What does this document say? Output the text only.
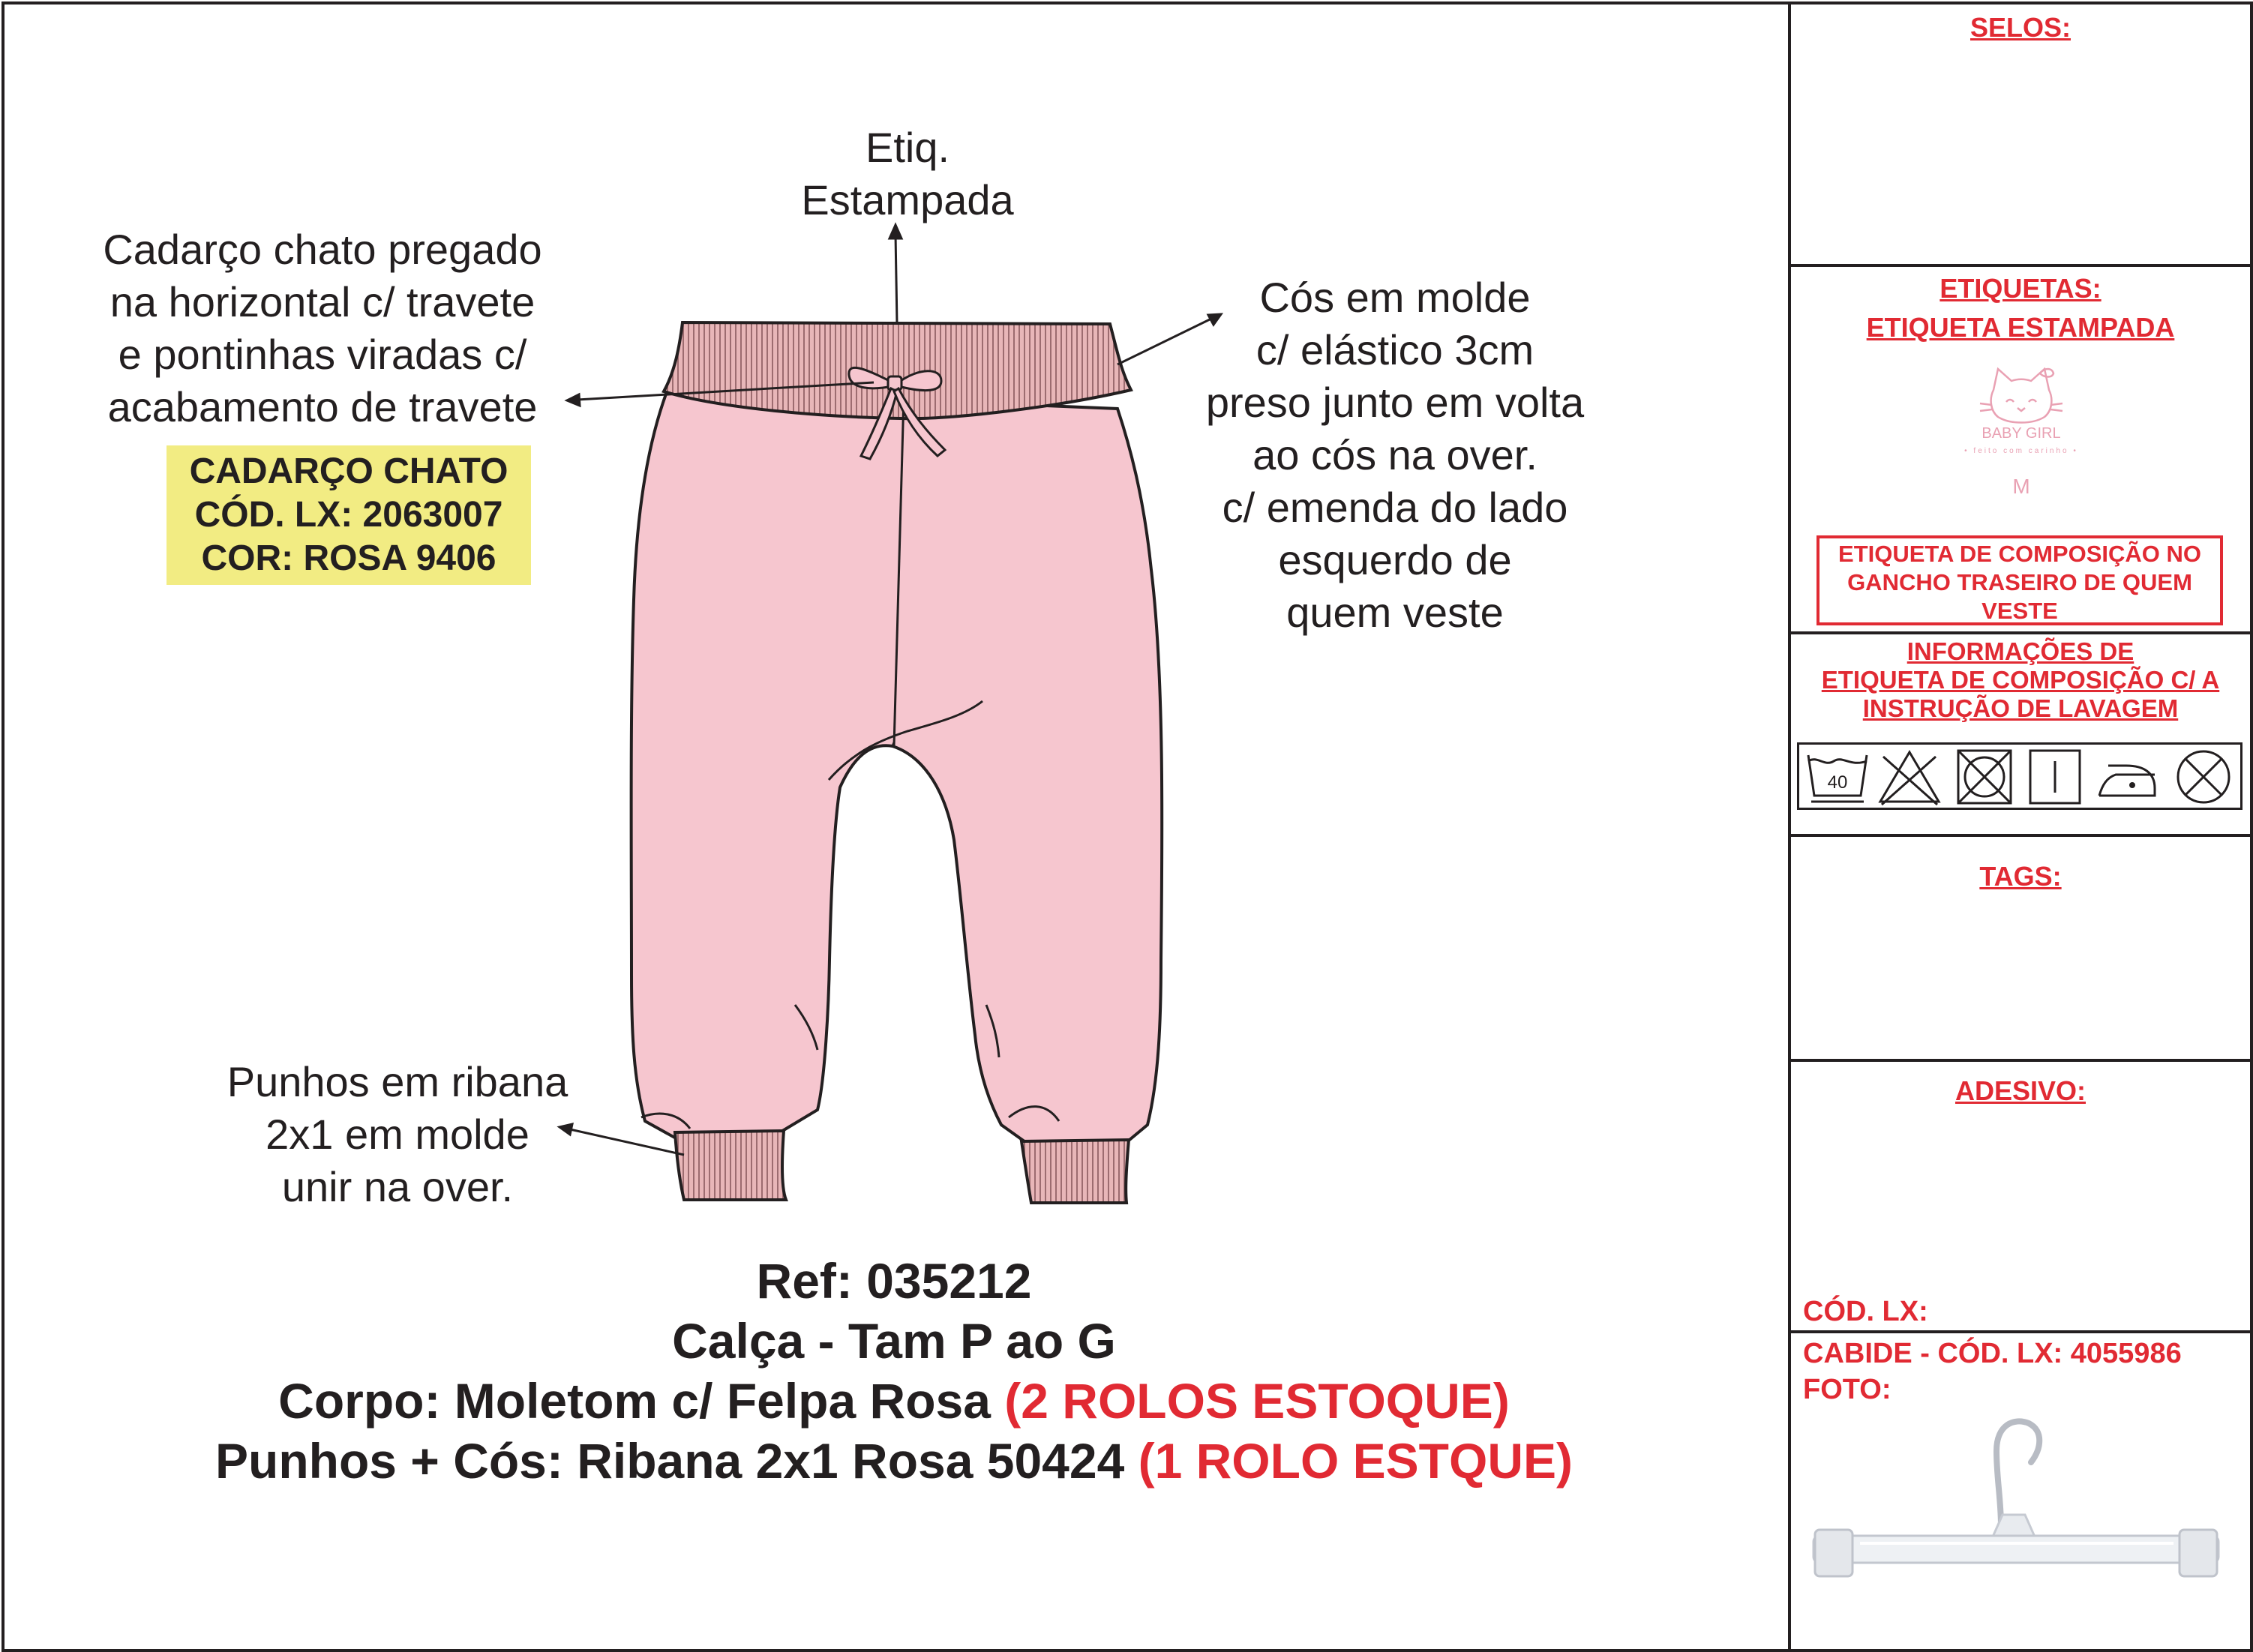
Etiq.
Estampada
Cadarço chato pregado
na horizontal c/ travete
e pontinhas viradas c/
acabamento de travete
CADARÇO CHATO
CÓD. LX: 2063007
COR: ROSA 9406
Cós em molde
c/ elástico 3cm
preso junto em volta
ao cós na over.
c/ emenda do lado
esquerdo de
quem veste
Punhos em ribana
2x1 em molde
unir na over.
Ref: 035212
Calça - Tam P ao G
Corpo: Moletom c/ Felpa Rosa (2 ROLOS ESTOQUE)
Punhos + Cós: Ribana 2x1 Rosa 50424 (1 ROLO ESTQUE)
SELOS:
ETIQUETAS:
ETIQUETA ESTAMPADA
BABY GIRL
• feito com carinho •
M
ETIQUETA DE COMPOSIÇÃO NO GANCHO TRASEIRO DE QUEM VESTE
INFORMAÇÕES DE
ETIQUETA DE COMPOSIÇÃO C/ A
INSTRUÇÃO DE LAVAGEM
40
TAGS:
ADESIVO:
CÓD. LX:
CABIDE - CÓD. LX: 4055986
FOTO:
